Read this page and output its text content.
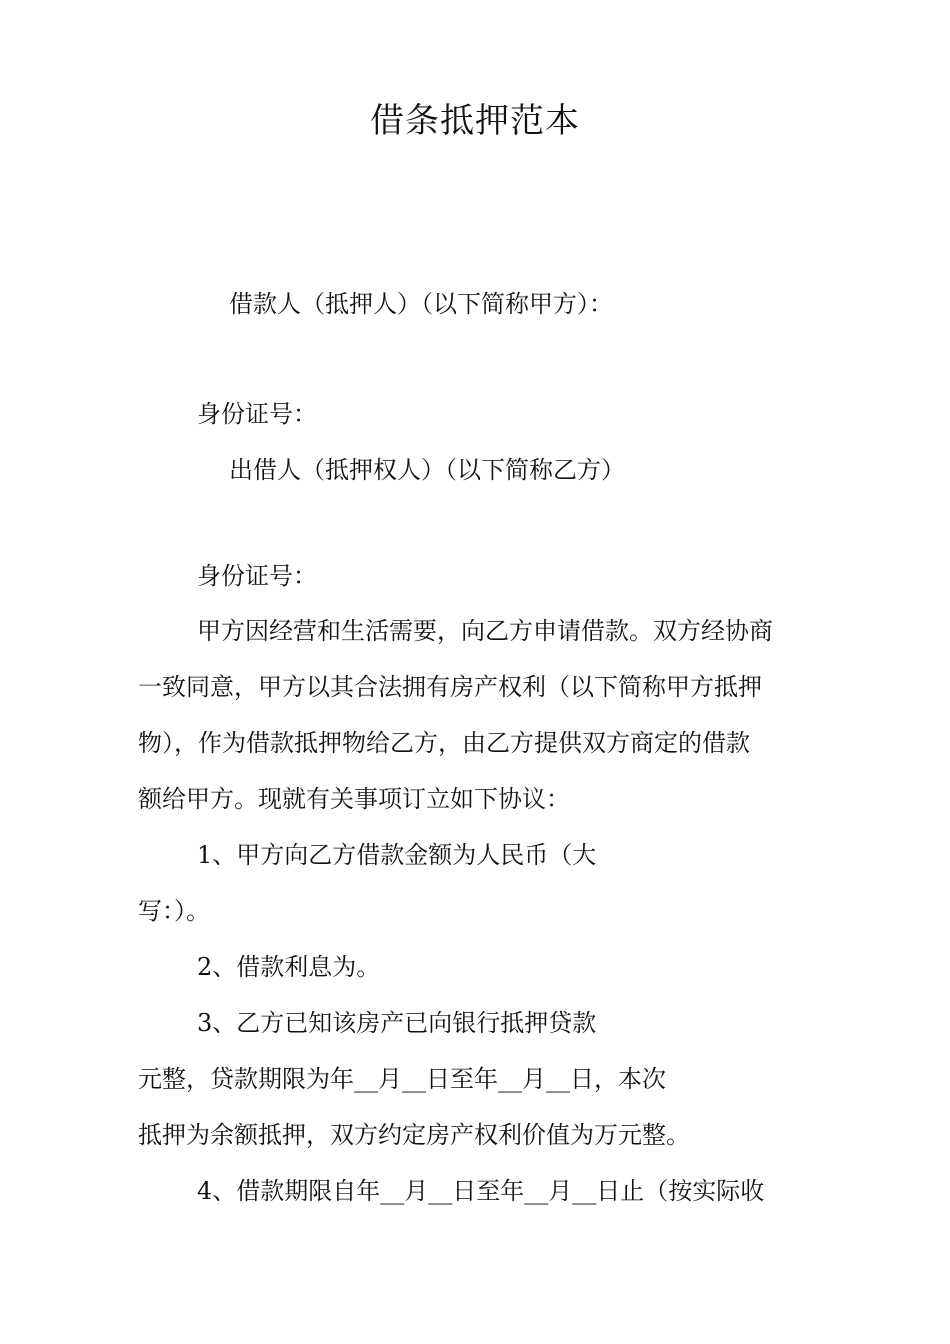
借条抵押范本
借款人（抵押人）（以下简称甲方）：
身份证号：
出借人（抵押权人）（以下简称乙方）
身份证号：
甲方因经营和生活需要，向乙方申请借款。双方经协商
一致同意，甲方以其合法拥有房产权利（以下简称甲方抵押
物），作为借款抵押物给乙方，由乙方提供双方商定的借款
额给甲方。现就有关事项订立如下协议：
1、甲方向乙方借款金额为人民币（大
写：）。
2、借款利息为。
3、乙方已知该房产已向银行抵押贷款
元整，贷款期限为年__月__日至年__月__日，本次
抵押为余额抵押，双方约定房产权利价值为万元整。
4、借款期限自年__月__日至年__月__日止（按实际收
